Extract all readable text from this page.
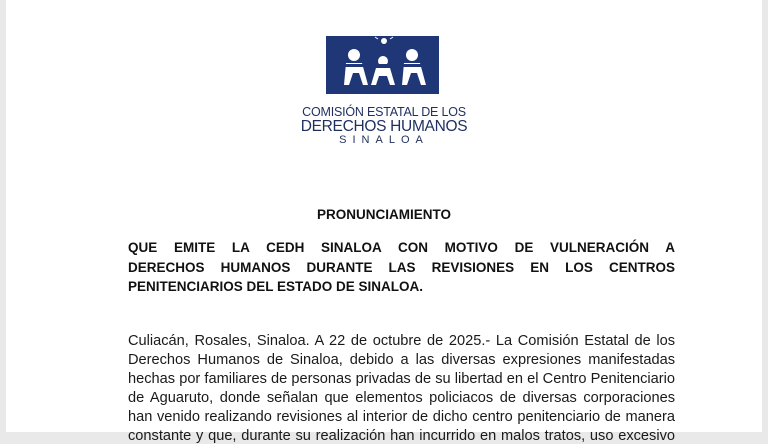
COMISIÓN ESTATAL DE LOS
DERECHOS HUMANOS
SINALOA
PRONUNCIAMIENTO
QUE EMITE LA CEDH SINALOA CON MOTIVO DE VULNERACIÓN A
DERECHOS HUMANOS DURANTE LAS REVISIONES EN LOS CENTROS
PENITENCIARIOS DEL ESTADO DE SINALOA.
Culiacán, Rosales, Sinaloa. A 22 de octubre de 2025.- La Comisión Estatal de los
Derechos Humanos de Sinaloa, debido a las diversas expresiones manifestadas
hechas por familiares de personas privadas de su libertad en el Centro Penitenciario
de Aguaruto, donde señalan que elementos policiacos de diversas corporaciones
han venido realizando revisiones al interior de dicho centro penitenciario de manera
constante y que, durante su realización han incurrido en malos tratos, uso excesivo
